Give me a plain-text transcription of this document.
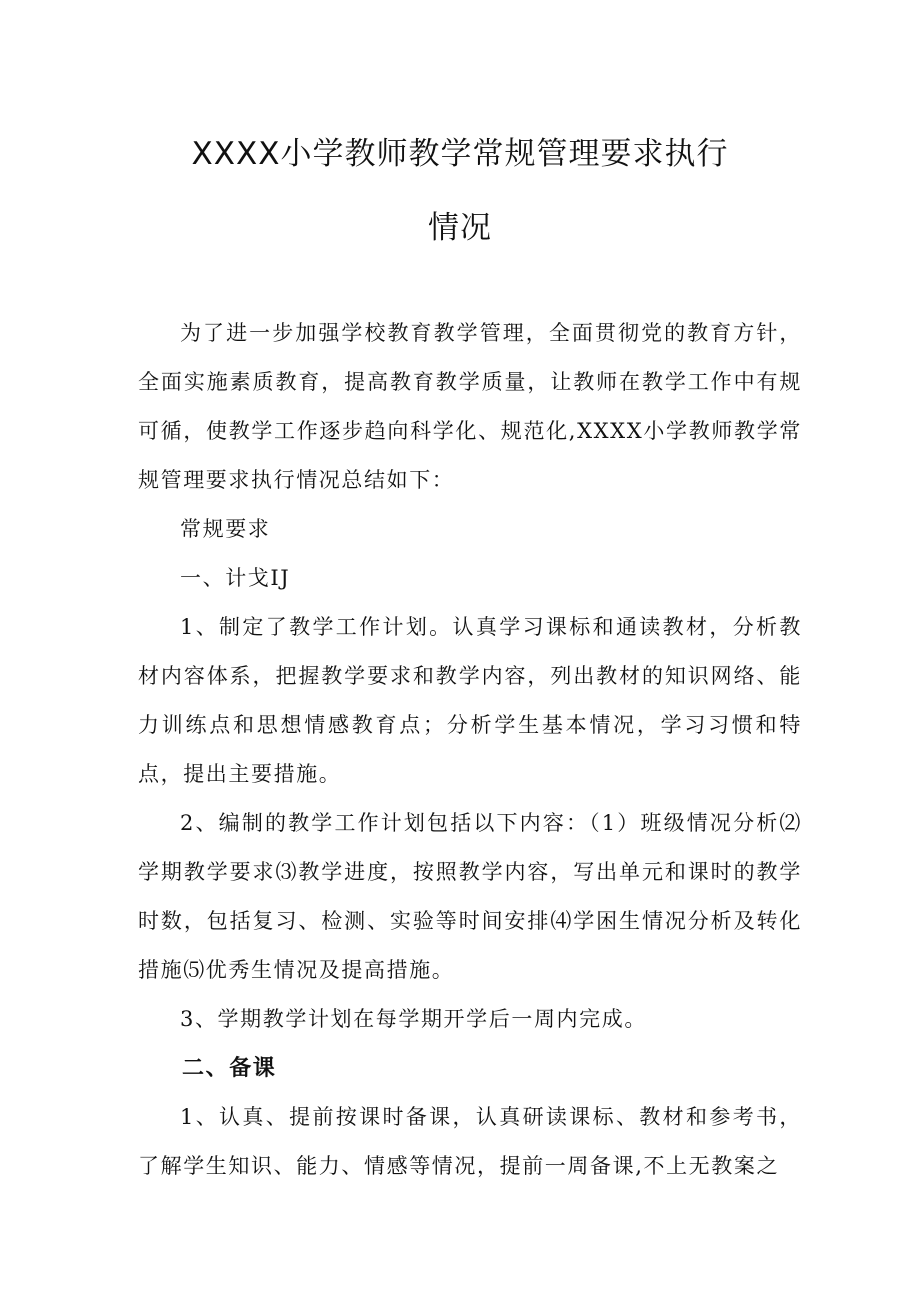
XXXX小学教师教学常规管理要求执行
情况

为了进一步加强学校教育教学管理，全面贯彻党的教育方针，全面实施素质教育，提高教育教学质量，让教师在教学工作中有规可循，使教学工作逐步趋向科学化、规范化,XXXX小学教师教学常规管理要求执行情况总结如下：

常规要求

一、计戈IJ

1、制定了教学工作计划。认真学习课标和通读教材，分析教材内容体系，把握教学要求和教学内容，列出教材的知识网络、能力训练点和思想情感教育点；分析学生基本情况，学习习惯和特点，提出主要措施。

2、编制的教学工作计划包括以下内容：（1）班级情况分析⑵学期教学要求⑶教学进度，按照教学内容，写出单元和课时的教学时数，包括复习、检测、实验等时间安排⑷学困生情况分析及转化措施⑸优秀生情况及提高措施。

3、学期教学计划在每学期开学后一周内完成。

二、备课

1、认真、提前按课时备课，认真研读课标、教材和参考书，了解学生知识、能力、情感等情况，提前一周备课,不上无教案之
